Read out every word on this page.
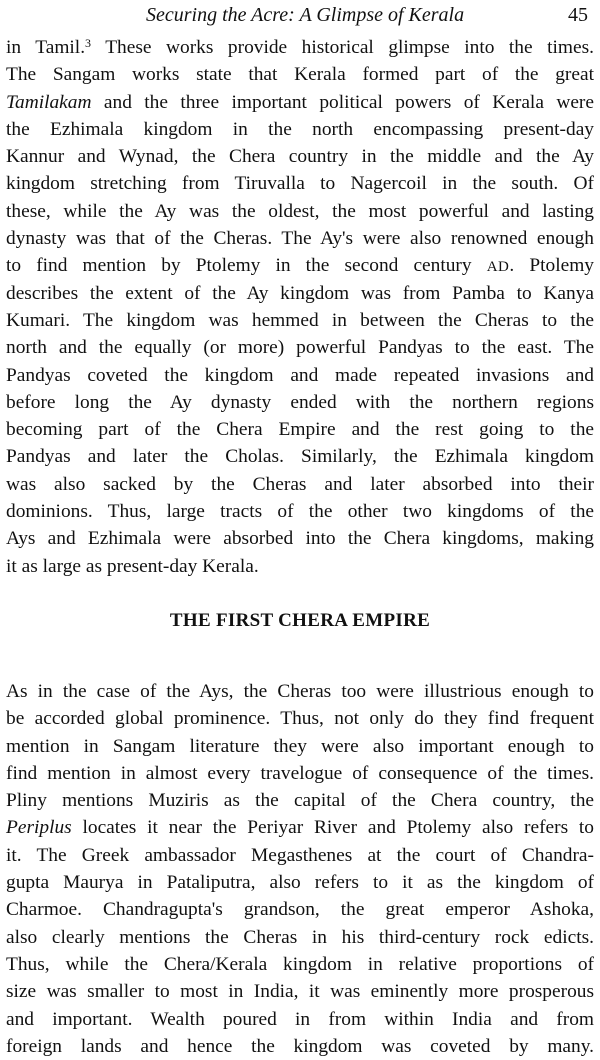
Securing the Acre: A Glimpse of Kerala	45
in Tamil.$^3$ These works provide historical glimpse into the times.
The Sangam works state that Kerala formed part of the great
Tamilakam and the three important political powers of Kerala were
the Ezhimala kingdom in the north encompassing present-day
Kannur and Wynad, the Chera country in the middle and the Ay
kingdom stretching from Tiruvalla to Nagercoil in the south. Of
these, while the Ay was the oldest, the most powerful and lasting
dynasty was that of the Cheras. The Ay's were also renowned enough
to find mention by Ptolemy in the second century AD. Ptolemy
describes the extent of the Ay kingdom was from Pamba to Kanya
Kumari. The kingdom was hemmed in between the Cheras to the
north and the equally (or more) powerful Pandyas to the east. The
Pandyas coveted the kingdom and made repeated invasions and
before long the Ay dynasty ended with the northern regions
becoming part of the Chera Empire and the rest going to the
Pandyas and later the Cholas. Similarly, the Ezhimala kingdom
was also sacked by the Cheras and later absorbed into their
dominions. Thus, large tracts of the other two kingdoms of the
Ays and Ezhimala were absorbed into the Chera kingdoms, making
it as large as present-day Kerala.
THE FIRST CHERA EMPIRE
As in the case of the Ays, the Cheras too were illustrious enough to
be accorded global prominence. Thus, not only do they find frequent
mention in Sangam literature they were also important enough to
find mention in almost every travelogue of consequence of the times.
Pliny mentions Muziris as the capital of the Chera country, the
Periplus locates it near the Periyar River and Ptolemy also refers to
it. The Greek ambassador Megasthenes at the court of Chandra-
gupta Maurya in Pataliputra, also refers to it as the kingdom of
Charmoe. Chandragupta's grandson, the great emperor Ashoka,
also clearly mentions the Cheras in his third-century rock edicts.
Thus, while the Chera/Kerala kingdom in relative proportions of
size was smaller to most in India, it was eminently more prosperous
and important. Wealth poured in from within India and from
foreign lands and hence the kingdom was coveted by many.
